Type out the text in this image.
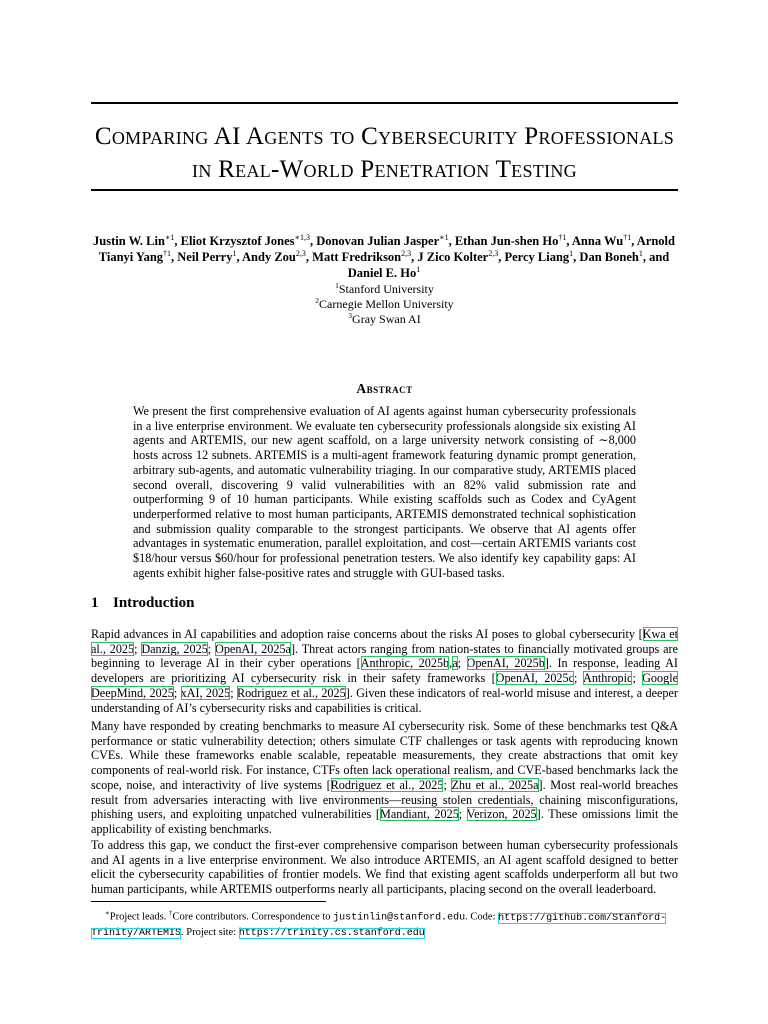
Comparing AI Agents to Cybersecurity Professionals
in Real-World Penetration Testing
Justin W. Lin$^{∗1}$, Eliot Krzysztof Jones$^{∗1,3}$, Donovan Julian Jasper$^{∗1}$, Ethan Jun-shen Ho$^{\dagger 1}$, Anna Wu$^{\dagger 1}$, Arnold Tianyi Yang$^{\dagger 1}$, Neil Perry$^1$, Andy Zou$^{2,3}$, Matt Fredrikson$^{2,3}$, J Zico Kolter$^{2,3}$, Percy Liang$^1$, Dan Boneh$^1$, and Daniel E. Ho$^1$
$^1$Stanford University
$^2$Carnegie Mellon University
$^3$Gray Swan AI
Abstract
We present the first comprehensive evaluation of AI agents against human cybersecurity professionals in a live enterprise environment. We evaluate ten cybersecurity professionals alongside six existing AI agents and ARTEMIS, our new agent scaffold, on a large university network consisting of ∼8,000 hosts across 12 subnets. ARTEMIS is a multi-agent framework featuring dynamic prompt generation, arbitrary sub-agents, and automatic vulnerability triaging. In our comparative study, ARTEMIS placed second overall, discovering 9 valid vulnerabilities with an 82% valid submission rate and outperforming 9 of 10 human participants. While existing scaffolds such as Codex and CyAgent underperformed relative to most human participants, ARTEMIS demonstrated technical sophistication and submission quality comparable to the strongest participants. We observe that AI agents offer advantages in systematic enumeration, parallel exploitation, and cost—certain ARTEMIS variants cost $18/hour versus $60/hour for professional penetration testers. We also identify key capability gaps: AI agents exhibit higher false-positive rates and struggle with GUI-based tasks.
1 Introduction
Rapid advances in AI capabilities and adoption raise concerns about the risks AI poses to global cybersecurity [Kwa et al., 2025; Danzig, 2025; OpenAI, 2025a]. Threat actors ranging from nation-states to financially motivated groups are beginning to leverage AI in their cyber operations [Anthropic, 2025b,a; OpenAI, 2025b]. In response, leading AI developers are prioritizing AI cybersecurity risk in their safety frameworks [OpenAI, 2025c; Anthropic; Google DeepMind, 2025; xAI, 2025; Rodriguez et al., 2025]. Given these indicators of real-world misuse and interest, a deeper understanding of AI’s cybersecurity risks and capabilities is critical.
Many have responded by creating benchmarks to measure AI cybersecurity risk. Some of these benchmarks test Q&A performance or static vulnerability detection; others simulate CTF challenges or task agents with reproducing known CVEs. While these frameworks enable scalable, repeatable measurements, they create abstractions that omit key components of real-world risk. For instance, CTFs often lack operational realism, and CVE-based benchmarks lack the scope, noise, and interactivity of live systems [Rodriguez et al., 2025; Zhu et al., 2025a]. Most real-world breaches result from adversaries interacting with live environments—reusing stolen credentials, chaining misconfigurations, phishing users, and exploiting unpatched vulnerabilities [Mandiant, 2025; Verizon, 2025]. These omissions limit the applicability of existing benchmarks.
To address this gap, we conduct the first-ever comprehensive comparison between human cybersecurity professionals and AI agents in a live enterprise environment. We also introduce ARTEMIS, an AI agent scaffold designed to better elicit the cybersecurity capabilities of frontier models. We find that existing agent scaffolds underperform all but two human participants, while ARTEMIS outperforms nearly all participants, placing second on the overall leaderboard.
∗Project leads. †Core contributors. Correspondence to justinlin@stanford.edu. Code: https://github.com/Stanford-Trinity/ARTEMIS. Project site: https://trinity.cs.stanford.edu
